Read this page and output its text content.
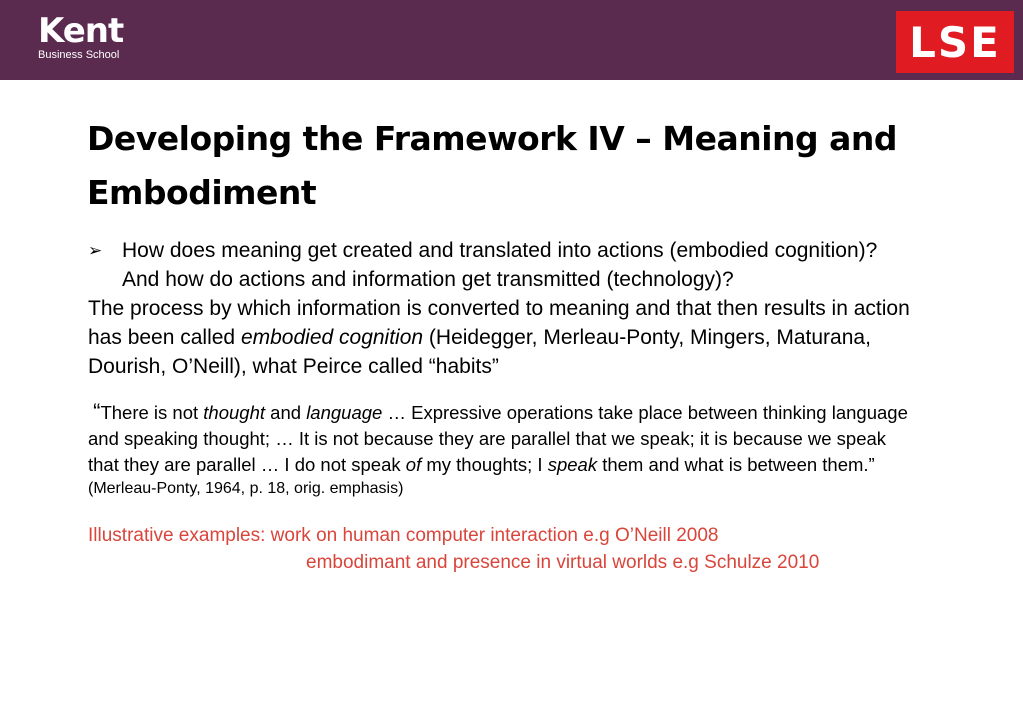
Kent
Business School	LSE
Developing the Framework IV – Meaning and Embodiment
➢ How does meaning get created and translated into actions (embodied cognition)? And how do actions and information get transmitted (technology)?

The process by which information is converted to meaning and that then results in action has been called embodied cognition (Heidegger, Merleau-Ponty, Mingers, Maturana, Dourish, O’Neill), what Peirce called “habits”

“There is not thought and language … Expressive operations take place between thinking language and speaking thought; … It is not because they are parallel that we speak; it is because we speak that they are parallel … I do not speak of my thoughts; I speak them and what is between them.”
(Merleau-Ponty, 1964, p. 18, orig. emphasis)
Illustrative examples: work on human computer interaction e.g O’Neill 2008
embodimant and presence in virtual worlds e.g Schulze 2010
